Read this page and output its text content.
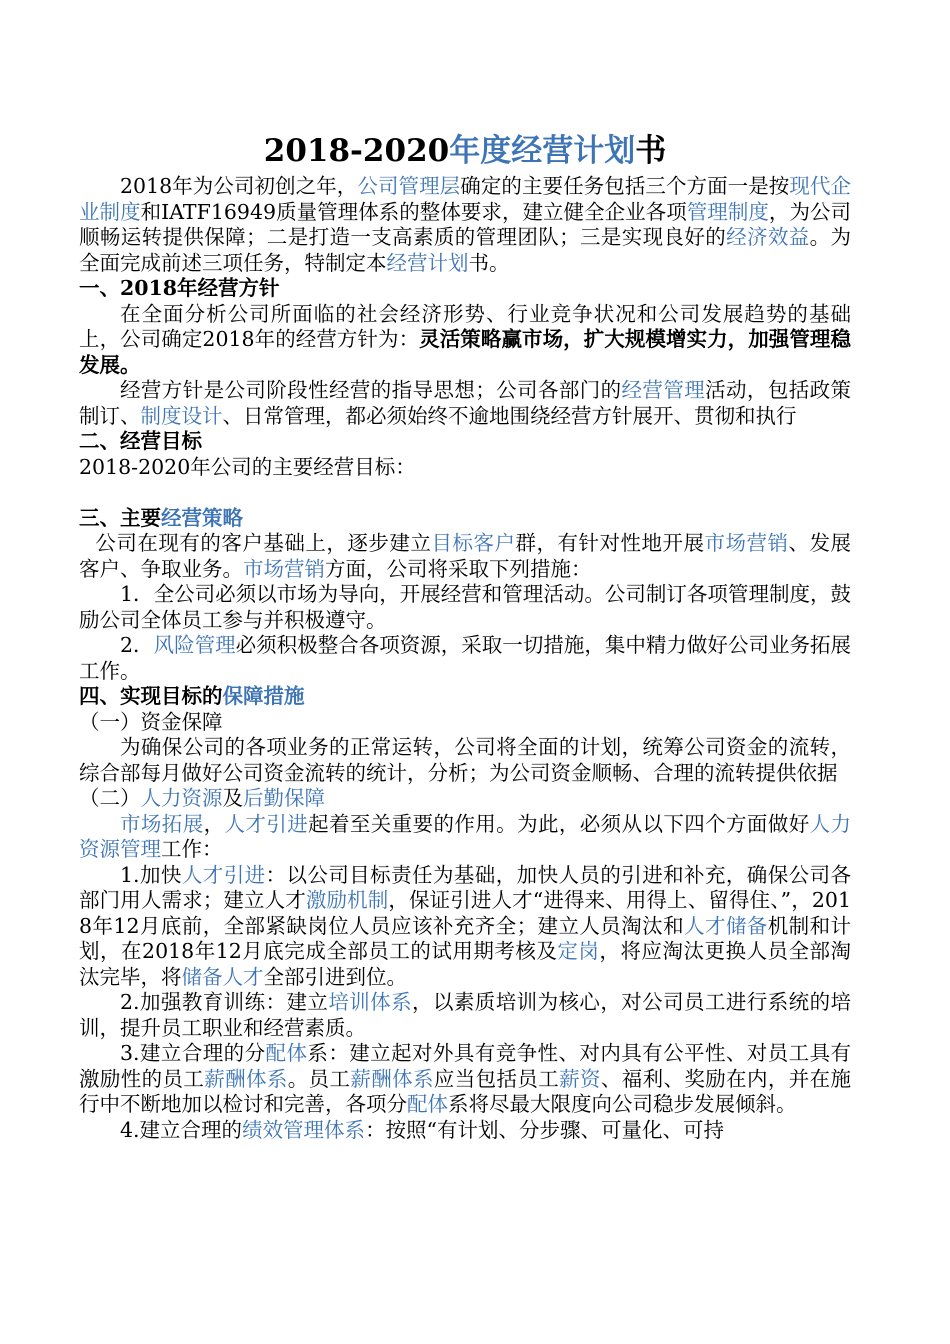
2018-2020年度经营计划书
2018年为公司初创之年，公司管理层确定的主要任务包括三个方面一是按现代企业制度和IATF16949质量管理体系的整体要求，建立健全企业各项管理制度，为公司顺畅运转提供保障；二是打造一支高素质的管理团队；三是实现良好的经济效益。为全面完成前述三项任务，特制定本经营计划书。
一、2018年经营方针
在全面分析公司所面临的社会经济形势、行业竞争状况和公司发展趋势的基础上，公司确定2018年的经营方针为：灵活策略赢市场，扩大规模增实力，加强管理稳发展。
经营方针是公司阶段性经营的指导思想；公司各部门的经营管理活动，包括政策制订、制度设计、日常管理，都必须始终不逾地围绕经营方针展开、贯彻和执行
二、经营目标
2018-2020年公司的主要经营目标：
三、主要经营策略
公司在现有的客户基础上，逐步建立目标客户群，有针对性地开展市场营销、发展客户、争取业务。市场营销方面，公司将采取下列措施：
1．全公司必须以市场为导向，开展经营和管理活动。公司制订各项管理制度，鼓励公司全体员工参与并积极遵守。
2．风险管理必须积极整合各项资源，采取一切措施，集中精力做好公司业务拓展工作。
四、实现目标的保障措施
（一）资金保障
为确保公司的各项业务的正常运转，公司将全面的计划，统筹公司资金的流转，综合部每月做好公司资金流转的统计，分析；为公司资金顺畅、合理的流转提供依据
（二）人力资源及后勤保障
市场拓展，人才引进起着至关重要的作用。为此，必须从以下四个方面做好人力资源管理工作：
1.加快人才引进：以公司目标责任为基础，加快人员的引进和补充，确保公司各部门用人需求；建立人才激励机制，保证引进人才“进得来、用得上、留得住、”，2018年12月底前，全部紧缺岗位人员应该补充齐全；建立人员淘汰和人才储备机制和计划，在2018年12月底完成全部员工的试用期考核及定岗，将应淘汰更换人员全部淘汰完毕，将储备人才全部引进到位。
2.加强教育训练：建立培训体系，以素质培训为核心，对公司员工进行系统的培训，提升员工职业和经营素质。
3.建立合理的分配体系：建立起对外具有竞争性、对内具有公平性、对员工具有激励性的员工薪酬体系。员工薪酬体系应当包括员工薪资、福利、奖励在内，并在施行中不断地加以检讨和完善，各项分配体系将尽最大限度向公司稳步发展倾斜。
4.建立合理的绩效管理体系：按照“有计划、分步骤、可量化、可持
